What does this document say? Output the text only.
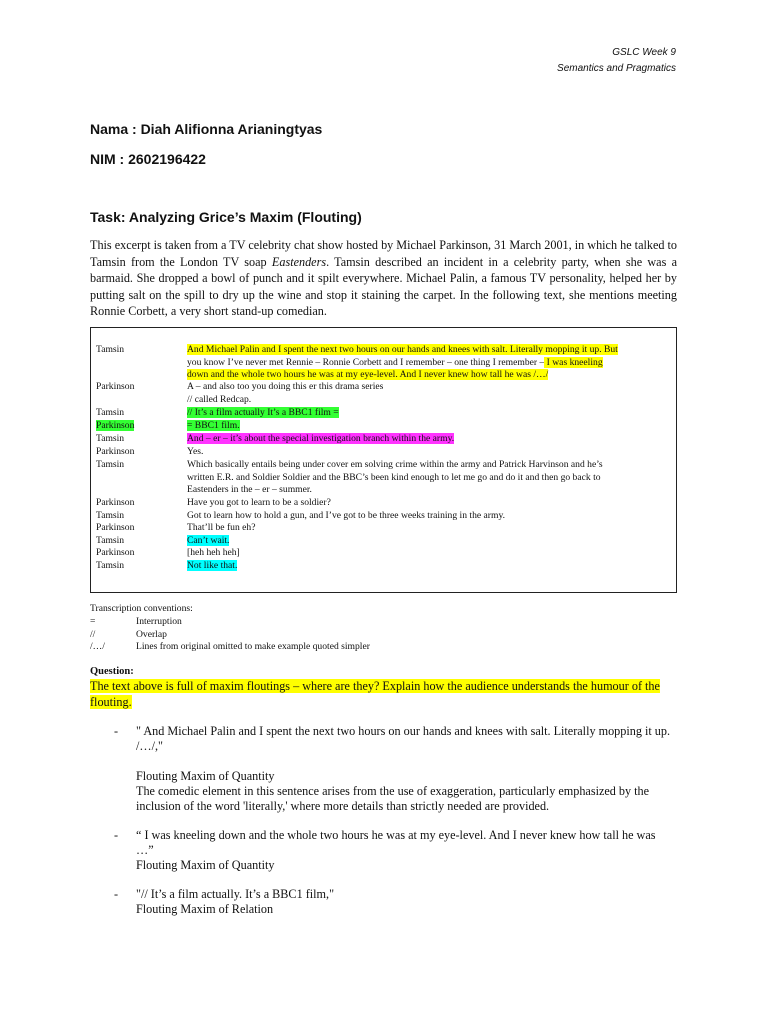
GSLC Week 9
Semantics and Pragmatics
Nama : Diah Alifionna Arianingtyas
NIM : 2602196422
Task: Analyzing Grice’s Maxim (Flouting)
This excerpt is taken from a TV celebrity chat show hosted by Michael Parkinson, 31 March 2001, in which he talked to Tamsin from the London TV soap Eastenders. Tamsin described an incident in a celebrity party, when she was a barmaid. She dropped a bowl of punch and it spilt everywhere. Michael Palin, a famous TV personality, helped her by putting salt on the spill to dry up the wine and stop it staining the carpet. In the following text, she mentions meeting Ronnie Corbett, a very short stand-up comedian.
Tamsin	And Michael Palin and I spent the next two hours on our hands and knees with salt. Literally mopping it up. But
you know I’ve never met Rennie – Ronnie Corbett and I remember – one thing I remember – I was kneeling
down and the whole two hours he was at my eye-level. And I never knew how tall he was /…/
Parkinson	A – and also too you doing this er this drama series
// called Redcap.
Tamsin	// It’s a film actually It’s a BBC1 film =
Parkinson	= BBC1 film.
Tamsin	And – er – it’s about the special investigation branch within the army.
Parkinson	Yes.
Tamsin	Which basically entails being under cover em solving crime within the army and Patrick Harvinson and he’s
written E.R. and Soldier Soldier and the BBC’s been kind enough to let me go and do it and then go back to
Eastenders in the – er – summer.
Parkinson	Have you got to learn to be a soldier?
Tamsin	Got to learn how to hold a gun, and I’ve got to be three weeks training in the army.
Parkinson	That’ll be fun eh?
Tamsin	Can’t wait.
Parkinson	[heh heh heh]
Tamsin	Not like that.
Transcription conventions:
=	Interruption
//	Overlap
/…/	Lines from original omitted to make example quoted simpler
Question:
The text above is full of maxim floutings – where are they? Explain how the audience understands the humour of the flouting.
- " And Michael Palin and I spent the next two hours on our hands and knees with salt. Literally mopping it up. /…/,"
Flouting Maxim of Quantity
The comedic element in this sentence arises from the use of exaggeration, particularly emphasized by the inclusion of the word 'literally,' where more details than strictly needed are provided.
- “ I was kneeling down and the whole two hours he was at my eye-level. And I never knew how tall he was …”
Flouting Maxim of Quantity
- "// It’s a film actually. It’s a BBC1 film,"
Flouting Maxim of Relation
